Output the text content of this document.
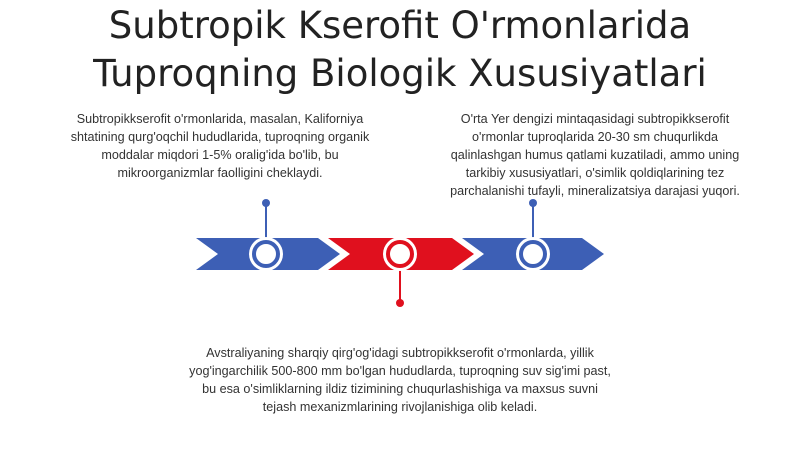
Subtropik Kserofit O'rmonlarida
Tuproqning Biologik Xususiyatlari
Subtropikkserofit o'rmonlarida, masalan, Kaliforniya
shtatining qurg'oqchil hududlarida, tuproqning organik
moddalar miqdori 1-5% oralig'ida bo'lib, bu
mikroorganizmlar faolligini cheklaydi.
O'rta Yer dengizi mintaqasidagi subtropikkserofit
o'rmonlar tuproqlarida 20-30 sm chuqurlikda
qalinlashgan humus qatlami kuzatiladi, ammo uning
tarkibiy xususiyatlari, o'simlik qoldiqlarining tez
parchalanishi tufayli, mineralizatsiya darajasi yuqori.
Avstraliyaning sharqiy qirg'og'idagi subtropikkserofit o'rmonlarda, yillik
yog'ingarchilik 500-800 mm bo'lgan hududlarda, tuproqning suv sig'imi past,
bu esa o'simliklarning ildiz tizimining chuqurlashishiga va maxsus suvni
tejash mexanizmlarining rivojlanishiga olib keladi.
